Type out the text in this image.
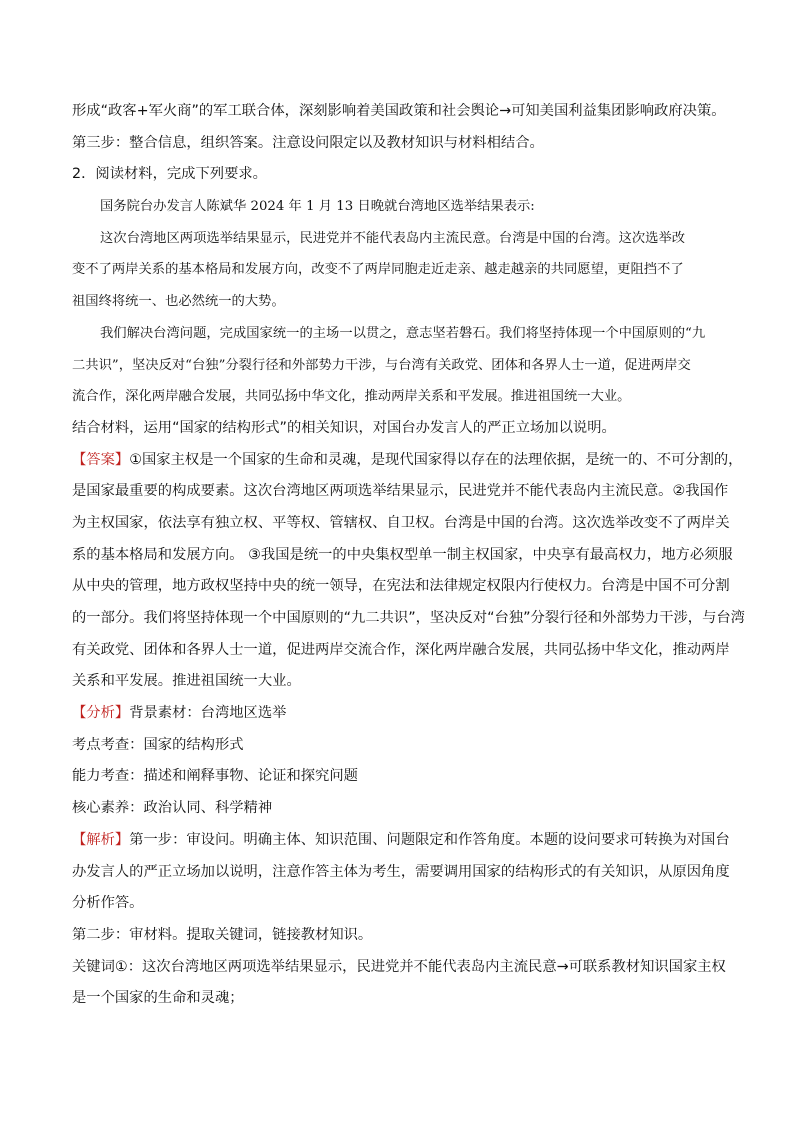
形成“政客+军火商”的军工联合体，深刻影响着美国政策和社会舆论→可知美国利益集团影响政府决策。
第三步：整合信息，组织答案。注意设问限定以及教材知识与材料相结合。
2．阅读材料，完成下列要求。
国务院台办发言人陈斌华 2024 年 1 月 13 日晚就台湾地区选举结果表示:
这次台湾地区两项选举结果显示，民进党并不能代表岛内主流民意。台湾是中国的台湾。这次选举改
变不了两岸关系的基本格局和发展方向，改变不了两岸同胞走近走亲、越走越亲的共同愿望，更阻挡不了
祖国终将统一、也必然统一的大势。
我们解决台湾问题，完成国家统一的主场一以贯之，意志坚若磐石。我们将坚持体现一个中国原则的“九
二共识”，坚决反对“台独”分裂行径和外部势力干涉，与台湾有关政党、团体和各界人士一道，促进两岸交
流合作，深化两岸融合发展，共同弘扬中华文化，推动两岸关系和平发展。推进祖国统一大业。
结合材料，运用“国家的结构形式”的相关知识，对国台办发言人的严正立场加以说明。
【答案】①国家主权是一个国家的生命和灵魂，是现代国家得以存在的法理依据，是统一的、不可分割的，
是国家最重要的构成要素。这次台湾地区两项选举结果显示，民进党并不能代表岛内主流民意。②我国作
为主权国家，依法享有独立权、平等权、管辖权、自卫权。台湾是中国的台湾。这次选举改变不了两岸关
系的基本格局和发展方向。 ③我国是统一的中央集权型单一制主权国家，中央享有最高权力，地方必须服
从中央的管理，地方政权坚持中央的统一领导，在宪法和法律规定权限内行使权力。台湾是中国不可分割
的一部分。我们将坚持体现一个中国原则的“九二共识”，坚决反对“台独”分裂行径和外部势力干涉，与台湾
有关政党、团体和各界人士一道，促进两岸交流合作，深化两岸融合发展，共同弘扬中华文化，推动两岸
关系和平发展。推进祖国统一大业。
【分析】背景素材：台湾地区选举
考点考查：国家的结构形式
能力考查：描述和阐释事物、论证和探究问题
核心素养：政治认同、科学精神
【解析】第一步：审设问。明确主体、知识范围、问题限定和作答角度。本题的设问要求可转换为对国台
办发言人的严正立场加以说明，注意作答主体为考生，需要调用国家的结构形式的有关知识，从原因角度
分析作答。
第二步：审材料。提取关键词，链接教材知识。
关键词①：这次台湾地区两项选举结果显示，民进党并不能代表岛内主流民意→可联系教材知识国家主权
是一个国家的生命和灵魂；
